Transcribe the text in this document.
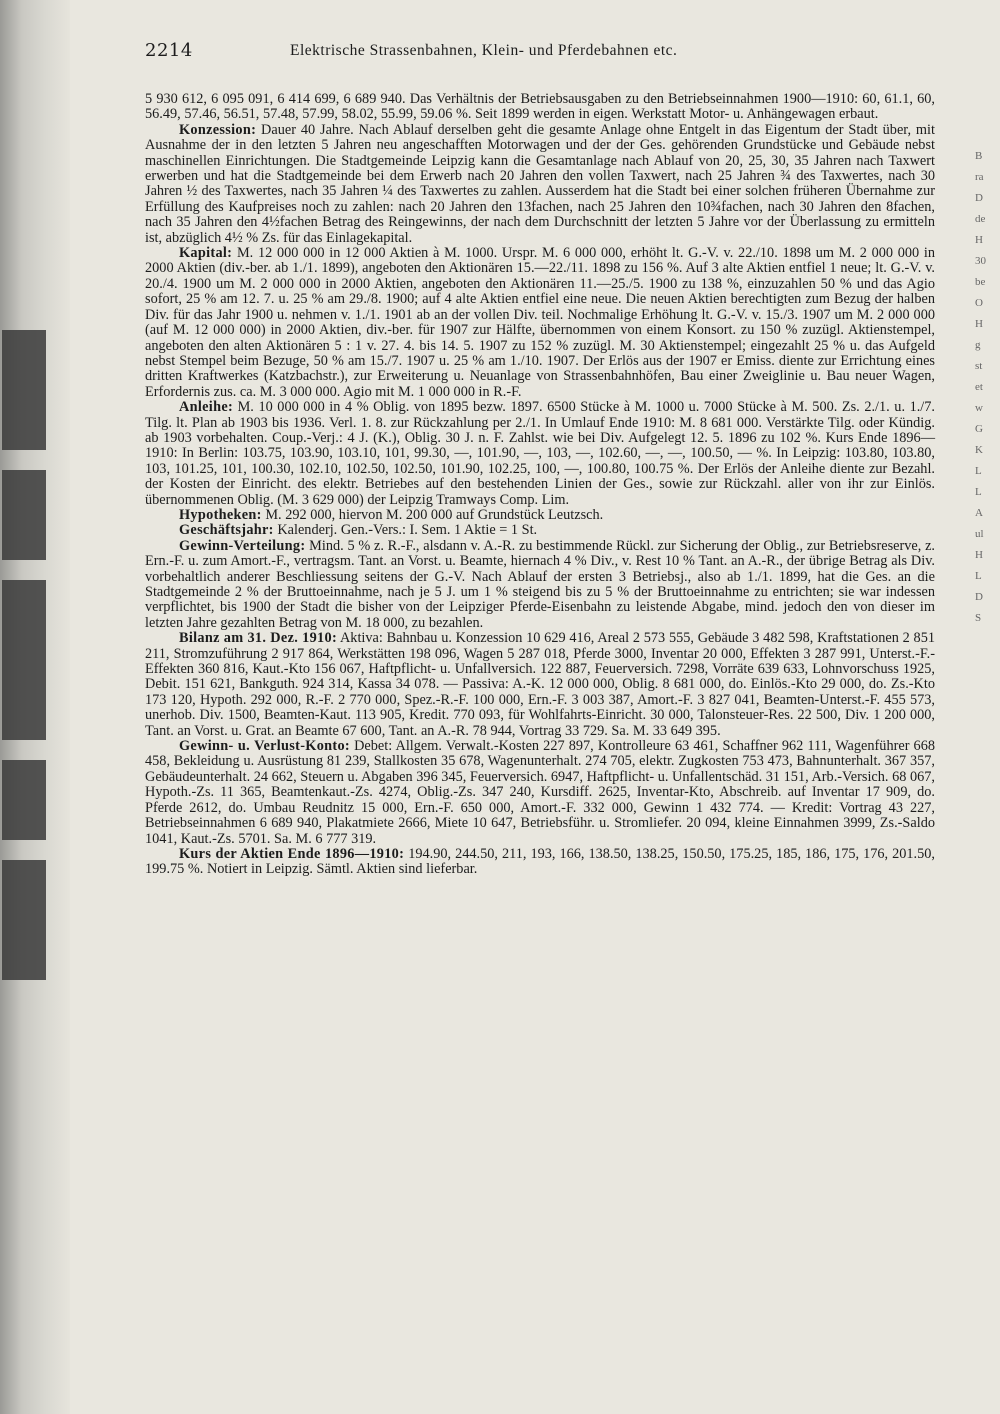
2214	Elektrische Strassenbahnen, Klein- und Pferdebahnen etc.

5 930 612, 6 095 091, 6 414 699, 6 689 940. Das Verhältnis der Betriebsausgaben zu den Betriebseinnahmen 1900—1910: 60, 61.1, 60, 56.49, 57.46, 56.51, 57.48, 57.99, 58.02, 55.99, 59.06 %. Seit 1899 werden in eigen. Werkstatt Motor- u. Anhängewagen erbaut.

Konzession: Dauer 40 Jahre. Nach Ablauf derselben geht die gesamte Anlage ohne Entgelt in das Eigentum der Stadt über, mit Ausnahme der in den letzten 5 Jahren neu angeschafften Motorwagen und der der Ges. gehörenden Grundstücke und Gebäude nebst maschinellen Einrichtungen. Die Stadtgemeinde Leipzig kann die Gesamtanlage nach Ablauf von 20, 25, 30, 35 Jahren nach Taxwert erwerben und hat die Stadtgemeinde bei dem Erwerb nach 20 Jahren den vollen Taxwert, nach 25 Jahren ¾ des Taxwertes, nach 30 Jahren ½ des Taxwertes, nach 35 Jahren ¼ des Taxwertes zu zahlen. Ausserdem hat die Stadt bei einer solchen früheren Übernahme zur Erfüllung des Kaufpreises noch zu zahlen: nach 20 Jahren den 13fachen, nach 25 Jahren den 10¾fachen, nach 30 Jahren den 8fachen, nach 35 Jahren den 4½fachen Betrag des Reingewinns, der nach dem Durchschnitt der letzten 5 Jahre vor der Überlassung zu ermitteln ist, abzüglich 4½ % Zs. für das Einlagekapital.

Kapital: M. 12 000 000 in 12 000 Aktien à M. 1000. Urspr. M. 6 000 000, erhöht lt. G.-V. v. 22./10. 1898 um M. 2 000 000 in 2000 Aktien (div.-ber. ab 1./1. 1899), angeboten den Aktionären 15.—22./11. 1898 zu 156 %. Auf 3 alte Aktien entfiel 1 neue; lt. G.-V. v. 20./4. 1900 um M. 2 000 000 in 2000 Aktien, angeboten den Aktionären 11.—25./5. 1900 zu 138 %, einzuzahlen 50 % und das Agio sofort, 25 % am 12. 7. u. 25 % am 29./8. 1900; auf 4 alte Aktien entfiel eine neue. Die neuen Aktien berechtigten zum Bezug der halben Div. für das Jahr 1900 u. nehmen v. 1./1. 1901 ab an der vollen Div. teil. Nochmalige Erhöhung lt. G.-V. v. 15./3. 1907 um M. 2 000 000 (auf M. 12 000 000) in 2000 Aktien, div.-ber. für 1907 zur Hälfte, übernommen von einem Konsort. zu 150 % zuzügl. Aktienstempel, angeboten den alten Aktionären 5 : 1 v. 27. 4. bis 14. 5. 1907 zu 152 % zuzügl. M. 30 Aktienstempel; eingezahlt 25 % u. das Aufgeld nebst Stempel beim Bezuge, 50 % am 15./7. 1907 u. 25 % am 1./10. 1907. Der Erlös aus der 1907 er Emiss. diente zur Errichtung eines dritten Kraftwerkes (Katzbachstr.), zur Erweiterung u. Neuanlage von Strassenbahnhöfen, Bau einer Zweiglinie u. Bau neuer Wagen, Erfordernis zus. ca. M. 3 000 000. Agio mit M. 1 000 000 in R.-F.

Anleihe: M. 10 000 000 in 4 % Oblig. von 1895 bezw. 1897. 6500 Stücke à M. 1000 u. 7000 Stücke à M. 500. Zs. 2./1. u. 1./7. Tilg. lt. Plan ab 1903 bis 1936. Verl. 1. 8. zur Rückzahlung per 2./1. In Umlauf Ende 1910: M. 8 681 000. Verstärkte Tilg. oder Kündig. ab 1903 vorbehalten. Coup.-Verj.: 4 J. (K.), Oblig. 30 J. n. F. Zahlst. wie bei Div. Aufgelegt 12. 5. 1896 zu 102 %. Kurs Ende 1896—1910: In Berlin: 103.75, 103.90, 103.10, 101, 99.30, —, 101.90, —, 103, —, 102.60, —, —, 100.50, — %. In Leipzig: 103.80, 103.80, 103, 101.25, 101, 100.30, 102.10, 102.50, 102.50, 101.90, 102.25, 100, —, 100.80, 100.75 %. Der Erlös der Anleihe diente zur Bezahl. der Kosten der Einricht. des elektr. Betriebes auf den bestehenden Linien der Ges., sowie zur Rückzahl. aller von ihr zur Einlös. übernommenen Oblig. (M. 3 629 000) der Leipzig Tramways Comp. Lim.

Hypotheken: M. 292 000, hiervon M. 200 000 auf Grundstück Leutzsch.

Geschäftsjahr: Kalenderj. Gen.-Vers.: I. Sem. 1 Aktie = 1 St.

Gewinn-Verteilung: Mind. 5 % z. R.-F., alsdann v. A.-R. zu bestimmende Rückl. zur Sicherung der Oblig., zur Betriebsreserve, z. Ern.-F. u. zum Amort.-F., vertragsm. Tant. an Vorst. u. Beamte, hiernach 4 % Div., v. Rest 10 % Tant. an A.-R., der übrige Betrag als Div. vorbehaltlich anderer Beschliessung seitens der G.-V. Nach Ablauf der ersten 3 Betriebsj., also ab 1./1. 1899, hat die Ges. an die Stadtgemeinde 2 % der Bruttoeinnahme, nach je 5 J. um 1 % steigend bis zu 5 % der Bruttoeinnahme zu entrichten; sie war indessen verpflichtet, bis 1900 der Stadt die bisher von der Leipziger Pferde-Eisenbahn zu leistende Abgabe, mind. jedoch den von dieser im letzten Jahre gezahlten Betrag von M. 18 000, zu bezahlen.

Bilanz am 31. Dez. 1910: Aktiva: Bahnbau u. Konzession 10 629 416, Areal 2 573 555, Gebäude 3 482 598, Kraftstationen 2 851 211, Stromzuführung 2 917 864, Werkstätten 198 096, Wagen 5 287 018, Pferde 3000, Inventar 20 000, Effekten 3 287 991, Unterst.-F.-Effekten 360 816, Kaut.-Kto 156 067, Haftpflicht- u. Unfallversich. 122 887, Feuerversich. 7298, Vorräte 639 633, Lohnvorschuss 1925, Debit. 151 621, Bankguth. 924 314, Kassa 34 078. — Passiva: A.-K. 12 000 000, Oblig. 8 681 000, do. Einlös.-Kto 29 000, do. Zs.-Kto 173 120, Hypoth. 292 000, R.-F. 2 770 000, Spez.-R.-F. 100 000, Ern.-F. 3 003 387, Amort.-F. 3 827 041, Beamten-Unterst.-F. 455 573, unerhob. Div. 1500, Beamten-Kaut. 113 905, Kredit. 770 093, für Wohlfahrts-Einricht. 30 000, Talonsteuer-Res. 22 500, Div. 1 200 000, Tant. an Vorst. u. Grat. an Beamte 67 600, Tant. an A.-R. 78 944, Vortrag 33 729. Sa. M. 33 649 395.

Gewinn- u. Verlust-Konto: Debet: Allgem. Verwalt.-Kosten 227 897, Kontrolleure 63 461, Schaffner 962 111, Wagenführer 668 458, Bekleidung u. Ausrüstung 81 239, Stallkosten 35 678, Wagenunterhalt. 274 705, elektr. Zugkosten 753 473, Bahnunterhalt. 367 357, Gebäudeunterhalt. 24 662, Steuern u. Abgaben 396 345, Feuerversich. 6947, Haftpflicht- u. Unfallentschäd. 31 151, Arb.-Versich. 68 067, Hypoth.-Zs. 11 365, Beamtenkaut.-Zs. 4274, Oblig.-Zs. 347 240, Kursdiff. 2625, Inventar-Kto, Abschreib. auf Inventar 17 909, do. Pferde 2612, do. Umbau Reudnitz 15 000, Ern.-F. 650 000, Amort.-F. 332 000, Gewinn 1 432 774. — Kredit: Vortrag 43 227, Betriebseinnahmen 6 689 940, Plakatmiete 2666, Miete 10 647, Betriebsführ. u. Stromliefer. 20 094, kleine Einnahmen 3999, Zs.-Saldo 1041, Kaut.-Zs. 5701. Sa. M. 6 777 319.

Kurs der Aktien Ende 1896—1910: 194.90, 244.50, 211, 193, 166, 138.50, 138.25, 150.50, 175.25, 185, 186, 175, 176, 201.50, 199.75 %. Notiert in Leipzig. Sämtl. Aktien sind lieferbar.

B
ra
D
de
H
30
be
O
H
g
st
et
w
G
K
L
L
A
ul
H
L
D
S
